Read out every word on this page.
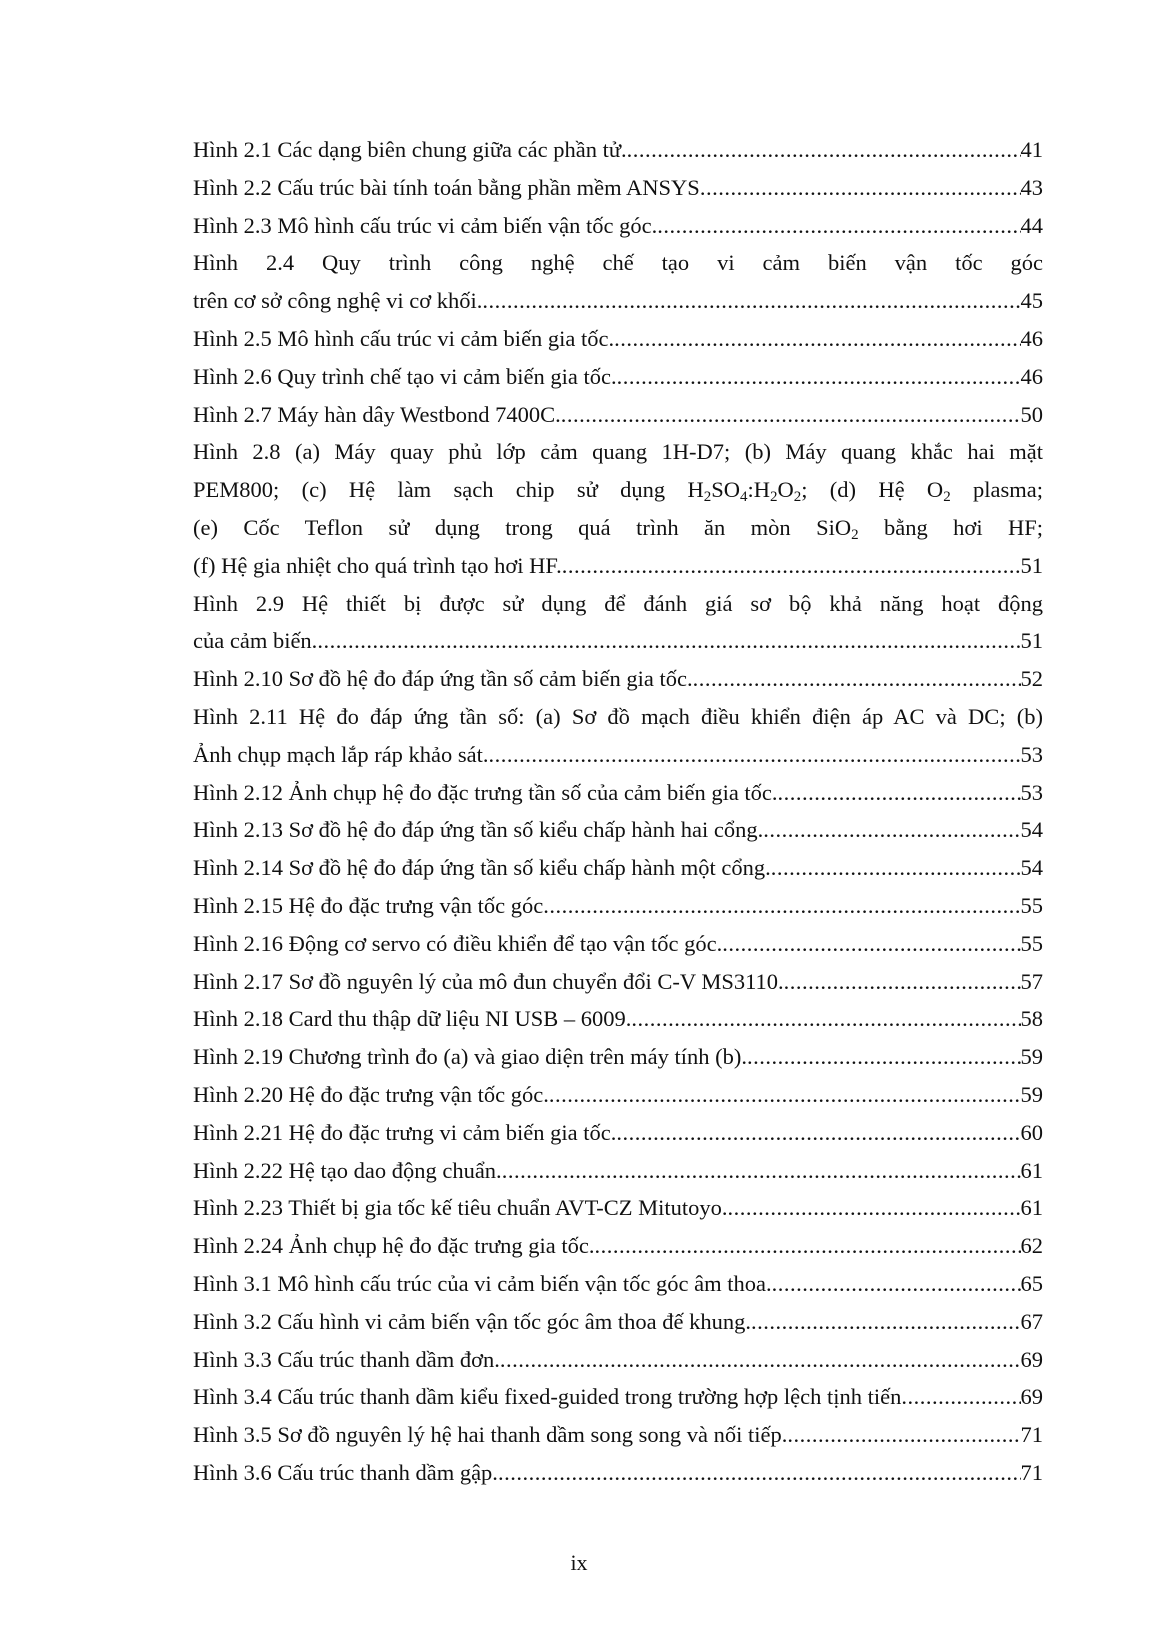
Hình 2.1 Các dạng biên chung giữa các phần tử. .....	41
Hình 2.2 Cấu trúc bài tính toán bằng phần mềm ANSYS .....	43
Hình 2.3 Mô hình cấu trúc vi cảm biến vận tốc góc. .....	44
Hình 2.4 Quy trình công nghệ chế tạo vi cảm biến vận tốc góc
trên cơ sở công nghệ vi cơ khối. .....	45
Hình 2.5 Mô hình cấu trúc vi cảm biến gia tốc. .....	46
Hình 2.6 Quy trình chế tạo vi cảm biến gia tốc. .....	46
Hình 2.7 Máy hàn dây Westbond 7400C. .....	50
Hình 2.8 (a) Máy quay phủ lớp cảm quang 1H-D7; (b) Máy quang khắc hai mặt
PEM800; (c) Hệ làm sạch chip sử dụng $H_2SO_4:H_2O_2$; (d) Hệ $O_2$ plasma;
(e) Cốc Teflon sử dụng trong quá trình ăn mòn SiO$_2$ bằng hơi HF;
(f) Hệ gia nhiệt cho quá trình tạo hơi HF. .....	51
Hình 2.9 Hệ thiết bị được sử dụng để đánh giá sơ bộ khả năng hoạt động
của cảm biến. .....	51
Hình 2.10 Sơ đồ hệ đo đáp ứng tần số cảm biến gia tốc. .....	52
Hình 2.11 Hệ đo đáp ứng tần số: (a) Sơ đồ mạch điều khiển điện áp AC và DC; (b)
Ảnh chụp mạch lắp ráp khảo sát. .....	53
Hình 2.12 Ảnh chụp hệ đo đặc trưng tần số của cảm biến gia tốc. .....	53
Hình 2.13 Sơ đồ hệ đo đáp ứng tần số kiểu chấp hành hai cổng. .....	54
Hình 2.14 Sơ đồ hệ đo đáp ứng tần số kiểu chấp hành một cổng. .....	54
Hình 2.15 Hệ đo đặc trưng vận tốc góc .....	55
Hình 2.16 Động cơ servo có điều khiển để tạo vận tốc góc. .....	55
Hình 2.17 Sơ đồ nguyên lý của mô đun chuyển đổi C-V MS3110. .....	57
Hình 2.18 Card thu thập dữ liệu NI USB – 6009. .....	58
Hình 2.19 Chương trình đo (a) và giao diện trên máy tính (b). .....	59
Hình 2.20 Hệ đo đặc trưng vận tốc góc. .....	59
Hình 2.21 Hệ đo đặc trưng vi cảm biến gia tốc. .....	60
Hình 2.22 Hệ tạo dao động chuẩn. .....	61
Hình 2.23 Thiết bị gia tốc kế tiêu chuẩn AVT-CZ Mitutoyo. .....	61
Hình 2.24 Ảnh chụp hệ đo đặc trưng gia tốc. .....	62
Hình 3.1 Mô hình cấu trúc của vi cảm biến vận tốc góc âm thoa. .....	65
Hình 3.2 Cấu hình vi cảm biến vận tốc góc âm thoa đế khung. .....	67
Hình 3.3 Cấu trúc thanh dầm đơn. .....	69
Hình 3.4 Cấu trúc thanh dầm kiểu fixed-guided trong trường hợp lệch tịnh tiến .....	69
Hình 3.5 Sơ đồ nguyên lý hệ hai thanh dầm song song và nối tiếp. .....	71
Hình 3.6 Cấu trúc thanh dầm gập. .....	71
ix
